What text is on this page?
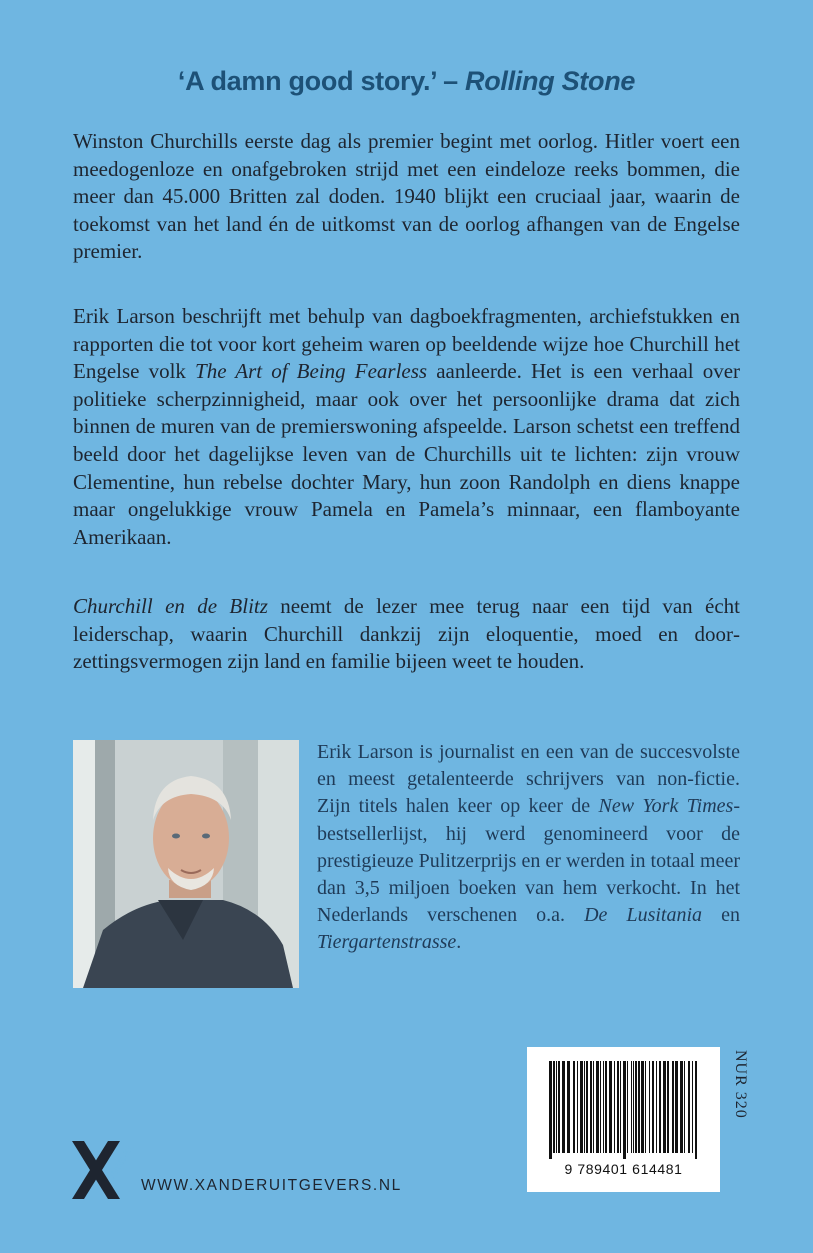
‘A damn good story.’ – Rolling Stone
Winston Churchills eerste dag als premier begint met oorlog. Hitler voert een meedogenloze en onafgebroken strijd met een eindeloze reeks bommen, die meer dan 45.000 Britten zal doden. 1940 blijkt een cruciaal jaar, waarin de toekomst van het land én de uitkomst van de oorlog afhangen van de Engelse premier.
Erik Larson beschrijft met behulp van dagboekfragmenten, archiefstukken en rapporten die tot voor kort geheim waren op beeldende wijze hoe Churchill het Engelse volk The Art of Being Fearless aanleerde. Het is een verhaal over politieke scherpzinnigheid, maar ook over het persoonlijke drama dat zich binnen de muren van de premierswoning afspeelde. Larson schetst een treffend beeld door het dagelijkse leven van de Churchills uit te lichten: zijn vrouw Clementine, hun rebelse dochter Mary, hun zoon Randolph en diens knappe maar ongelukkige vrouw Pamela en Pamela’s minnaar, een flamboyante Amerikaan.
Churchill en de Blitz neemt de lezer mee terug naar een tijd van écht leiderschap, waarin Churchill dankzij zijn eloquentie, moed en doorzettingsvermogen zijn land en familie bijeen weet te houden.
Erik Larson is journalist en een van de succesvolste en meest getalenteerde schrijvers van non-fictie. Zijn titels halen keer op keer de New York Times-bestsellerlijst, hij werd genomineerd voor de prestigieuze Pulitzerprijs en er werden in totaal meer dan 3,5 miljoen boeken van hem verkocht. In het Nederlands verschenen o.a. De Lusitania en Tiergartenstrasse.
9 789401 614481
NUR 320
XANDER
WWW.XANDERUITGEVERS.NL
